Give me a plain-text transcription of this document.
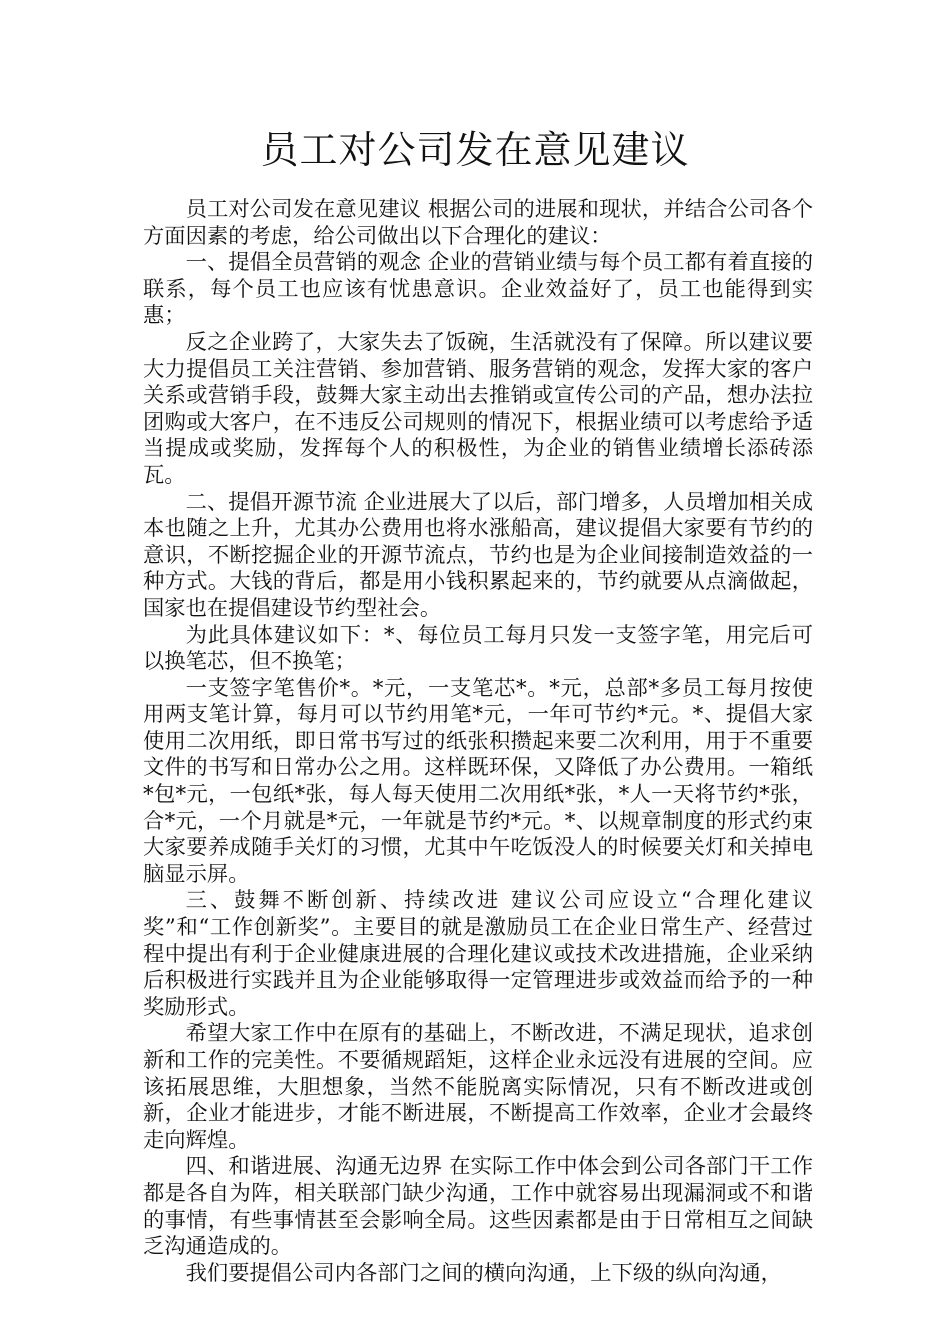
员工对公司发在意见建议

员工对公司发在意见建议 根据公司的进展和现状，并结合公司各个方面因素的考虑，给公司做出以下合理化的建议：

一、提倡全员营销的观念 企业的营销业绩与每个员工都有着直接的联系，每个员工也应该有忧患意识。企业效益好了，员工也能得到实惠；

反之企业跨了，大家失去了饭碗，生活就没有了保障。所以建议要大力提倡员工关注营销、参加营销、服务营销的观念，发挥大家的客户关系或营销手段，鼓舞大家主动出去推销或宣传公司的产品，想办法拉团购或大客户，在不违反公司规则的情况下，根据业绩可以考虑给予适当提成或奖励，发挥每个人的积极性，为企业的销售业绩增长添砖添瓦。

二、提倡开源节流 企业进展大了以后，部门增多，人员增加相关成本也随之上升，尤其办公费用也将水涨船高，建议提倡大家要有节约的意识，不断挖掘企业的开源节流点，节约也是为企业间接制造效益的一种方式。大钱的背后，都是用小钱积累起来的，节约就要从点滴做起，国家也在提倡建设节约型社会。

为此具体建议如下：*、每位员工每月只发一支签字笔，用完后可以换笔芯，但不换笔；

一支签字笔售价*。*元，一支笔芯*。*元，总部*多员工每月按使用两支笔计算，每月可以节约用笔*元，一年可节约*元。*、提倡大家使用二次用纸，即日常书写过的纸张积攒起来要二次利用，用于不重要文件的书写和日常办公之用。这样既环保，又降低了办公费用。一箱纸*包*元，一包纸*张，每人每天使用二次用纸*张，*人一天将节约*张，合*元，一个月就是*元，一年就是节约*元。*、以规章制度的形式约束大家要养成随手关灯的习惯，尤其中午吃饭没人的时候要关灯和关掉电脑显示屏。

三、鼓舞不断创新、持续改进 建议公司应设立“合理化建议奖”和“工作创新奖”。主要目的就是激励员工在企业日常生产、经营过程中提出有利于企业健康进展的合理化建议或技术改进措施，企业采纳后积极进行实践并且为企业能够取得一定管理进步或效益而给予的一种奖励形式。

希望大家工作中在原有的基础上，不断改进，不满足现状，追求创新和工作的完美性。不要循规蹈矩，这样企业永远没有进展的空间。应该拓展思维，大胆想象，当然不能脱离实际情况，只有不断改进或创新，企业才能进步，才能不断进展，不断提高工作效率，企业才会最终走向辉煌。

四、和谐进展、沟通无边界 在实际工作中体会到公司各部门干工作都是各自为阵，相关联部门缺少沟通，工作中就容易出现漏洞或不和谐的事情，有些事情甚至会影响全局。这些因素都是由于日常相互之间缺乏沟通造成的。

我们要提倡公司内各部门之间的横向沟通，上下级的纵向沟通，
